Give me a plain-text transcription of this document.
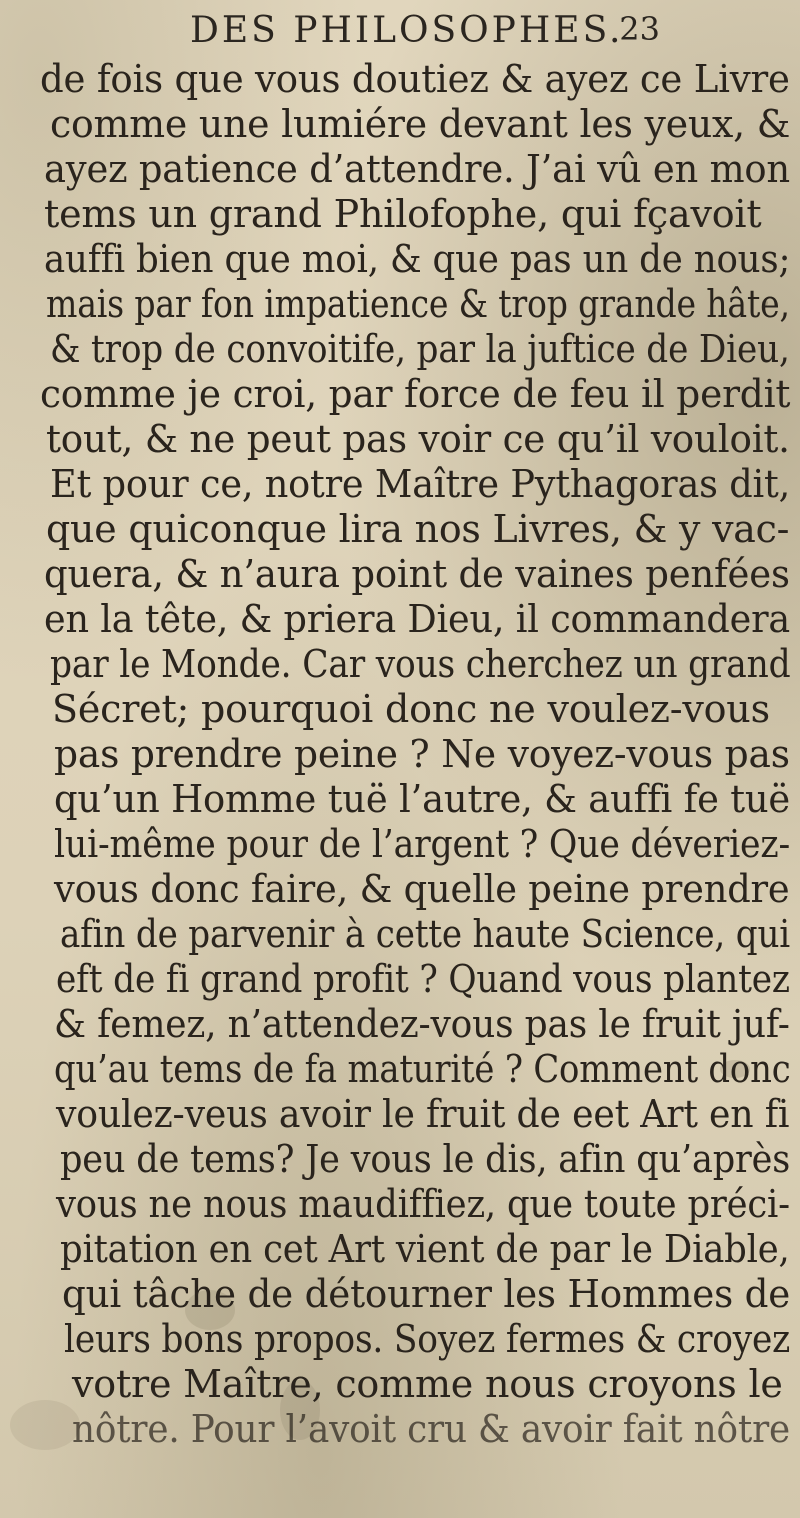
DES PHILOSOPHES.
23
de fois que vous doutiez & ayez ce Livre
comme une lumiére devant les yeux, &
ayez patience d’attendre. J’ai vû en mon
tems un grand Philofophe, qui fçavoit
auffi bien que moi, & que pas un de nous;
mais par fon impatience & trop grande hâte,
& trop de convoitife, par la juftice de Dieu,
comme je croi, par force de feu il perdit
tout, & ne peut pas voir ce qu’il vouloit.
Et pour ce, notre Maître Pythagoras dit,
que quiconque lira nos Livres, & y vac-
quera, & n’aura point de vaines penfées
en la tête, & priera Dieu, il commandera
par le Monde. Car vous cherchez un grand
Sécret; pourquoi donc ne voulez-vous
pas prendre peine ? Ne voyez-vous pas
qu’un Homme tuë l’autre, & auffi fe tuë
lui-même pour de l’argent ? Que déveriez-
vous donc faire, & quelle peine prendre
afin de parvenir à cette haute Science, qui
eft de fi grand profit ? Quand vous plantez
& femez, n’attendez-vous pas le fruit juf-
qu’au tems de fa maturité ? Comment donc
voulez-veus avoir le fruit de eet Art en fi
peu de tems? Je vous le dis, afin qu’après
vous ne nous maudiffiez, que toute préci-
pitation en cet Art vient de par le Diable,
qui tâche de détourner les Hommes de
leurs bons propos. Soyez fermes & croyez
votre Maître, comme nous croyons le
nôtre. Pour l’avoit cru & avoir fait nôtre
